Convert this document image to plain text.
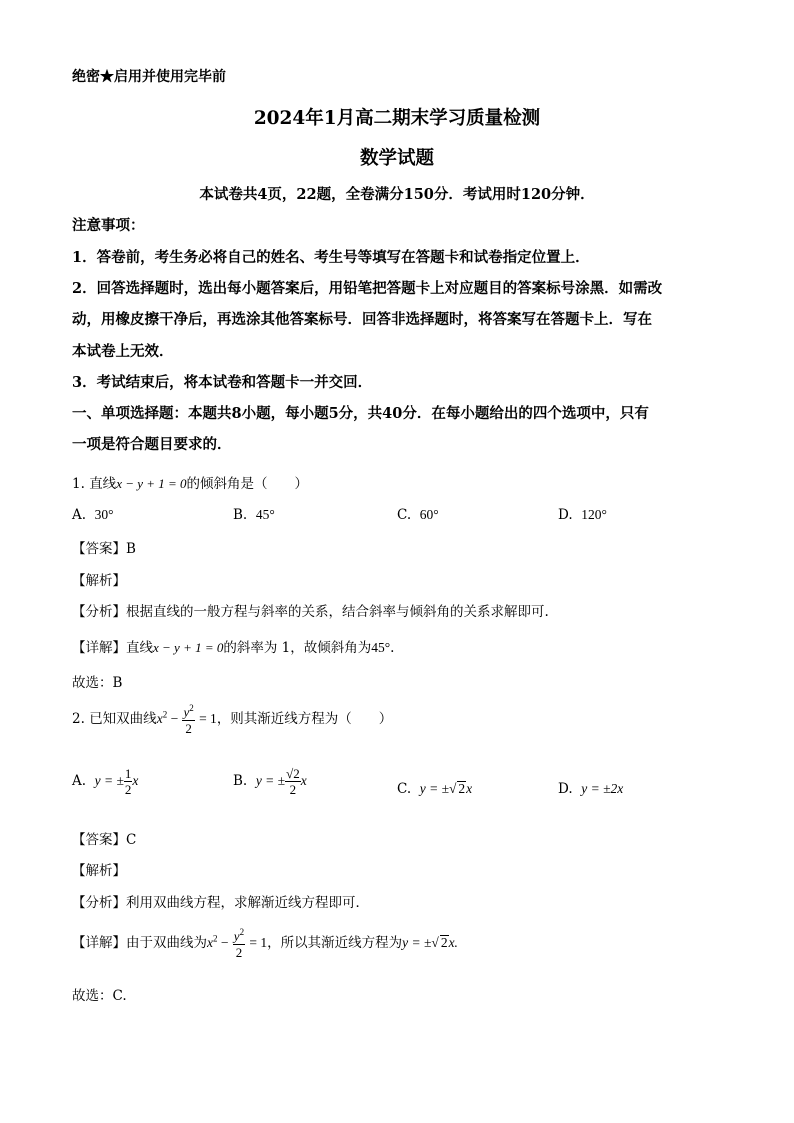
绝密★启用并使用完毕前
2024年1月高二期末学习质量检测
数学试题
本试卷共4页，22题，全卷满分150分．考试用时120分钟．
注意事项：
1．答卷前，考生务必将自己的姓名、考生号等填写在答题卡和试卷指定位置上．
2．回答选择题时，选出每小题答案后，用铅笔把答题卡上对应题目的答案标号涂黑．如需改
动，用橡皮擦干净后，再选涂其他答案标号．回答非选择题时，将答案写在答题卡上．写在
本试卷上无效．
3．考试结束后，将本试卷和答题卡一并交回．
一、单项选择题：本题共8小题，每小题5分，共40分．在每小题给出的四个选项中，只有
一项是符合题目要求的．
1. 直线x − y + 1 = 0的倾斜角是（　　）
A. 30°	B. 45°	C. 60°	D. 120°
【答案】B
【解析】
【分析】根据直线的一般方程与斜率的关系，结合斜率与倾斜角的关系求解即可.
【详解】直线x − y + 1 = 0的斜率为 1，故倾斜角为45°.
故选：B
2. 已知双曲线$x^2 - \frac{y^2}{2} = 1$，则其渐近线方程为（　　）
A. y = ± $\frac{1}{2}$ x	B. y = ± $\frac{√2}{2}$ x
C. y = ±√ 2x	D. y = ±2x
【答案】C
【解析】
【分析】利用双曲线方程，求解渐近线方程即可．
【详解】由于双曲线为$x^2 - \frac{y^2}{2} = 1$，所以其渐近线方程为y = ±√ 2x.
故选：C.
